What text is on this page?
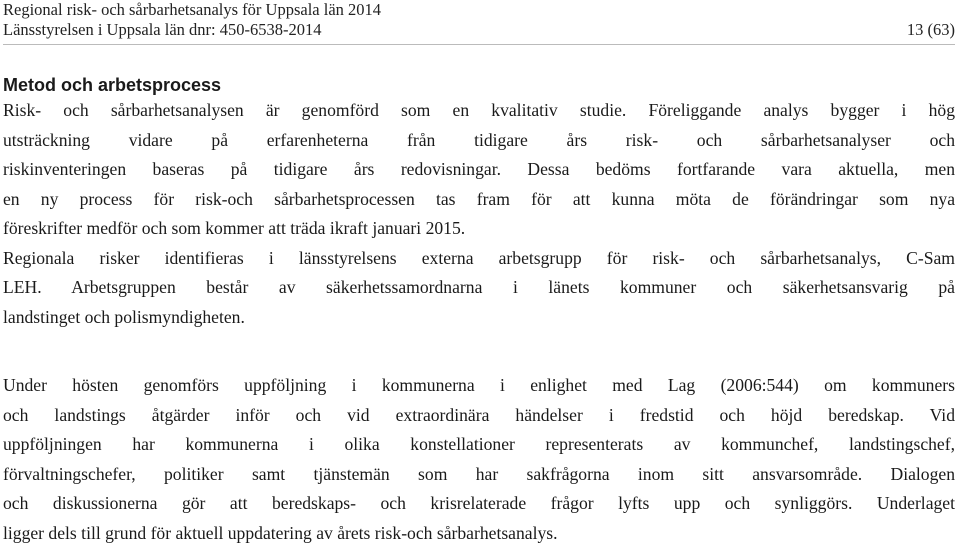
Regional risk- och sårbarhetsanalys för Uppsala län 2014
Länsstyrelsen i Uppsala län dnr: 450-6538-2014	13 (63)
Metod och arbetsprocess
Risk- och sårbarhetsanalysen är genomförd som en kvalitativ studie. Föreliggande analys bygger i hög
utsträckning vidare på erfarenheterna från tidigare års risk- och sårbarhetsanalyser och
riskinventeringen baseras på tidigare års redovisningar. Dessa bedöms fortfarande vara aktuella, men
en ny process för risk-och sårbarhetsprocessen tas fram för att kunna möta de förändringar som nya
föreskrifter medför och som kommer att träda ikraft januari 2015.
Regionala risker identifieras i länsstyrelsens externa arbetsgrupp för risk- och sårbarhetsanalys, C-Sam
LEH. Arbetsgruppen består av säkerhetssamordnarna i länets kommuner och säkerhetsansvarig på
landstinget och polismyndigheten.
Under hösten genomförs uppföljning i kommunerna i enlighet med Lag (2006:544) om kommuners
och landstings åtgärder inför och vid extraordinära händelser i fredstid och höjd beredskap. Vid
uppföljningen har kommunerna i olika konstellationer representerats av kommunchef, landstingschef,
förvaltningschefer, politiker samt tjänstemän som har sakfrågorna inom sitt ansvarsområde. Dialogen
och diskussionerna gör att beredskaps- och krisrelaterade frågor lyfts upp och synliggörs. Underlaget
ligger dels till grund för aktuell uppdatering av årets risk-och sårbarhetsanalys.
